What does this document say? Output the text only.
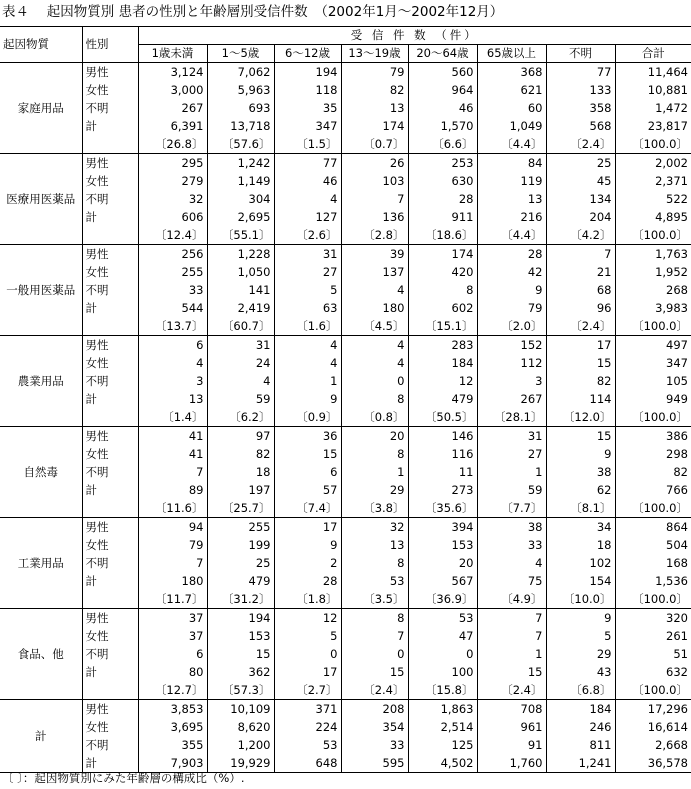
表４　 起因物質別 患者の性別と年齢層別受信件数　（2002年1月～2002年12月）
起因物質	性別	受 信 件 数 （件）							
		1歳未満	1～5歳	6～12歳	13～19歳	20～64歳	65歳以上	不明	合計
家庭用品	男性	3,124	7,062	194	79	560	368	77	11,464
	女性	3,000	5,963	118	82	964	621	133	10,881
	不明	267	693	35	13	46	60	358	1,472
	計	6,391	13,718	347	174	1,570	1,049	568	23,817
		〔26.8〕	〔57.6〕	〔1.5〕	〔0.7〕	〔6.6〕	〔4.4〕	〔2.4〕	〔100.0〕
医療用医薬品	男性	295	1,242	77	26	253	84	25	2,002
	女性	279	1,149	46	103	630	119	45	2,371
	不明	32	304	4	7	28	13	134	522
	計	606	2,695	127	136	911	216	204	4,895
		〔12.4〕	〔55.1〕	〔2.6〕	〔2.8〕	〔18.6〕	〔4.4〕	〔4.2〕	〔100.0〕
一般用医薬品	男性	256	1,228	31	39	174	28	7	1,763
	女性	255	1,050	27	137	420	42	21	1,952
	不明	33	141	5	4	8	9	68	268
	計	544	2,419	63	180	602	79	96	3,983
		〔13.7〕	〔60.7〕	〔1.6〕	〔4.5〕	〔15.1〕	〔2.0〕	〔2.4〕	〔100.0〕
農業用品	男性	6	31	4	4	283	152	17	497
	女性	4	24	4	4	184	112	15	347
	不明	3	4	1	0	12	3	82	105
	計	13	59	9	8	479	267	114	949
		〔1.4〕	〔6.2〕	〔0.9〕	〔0.8〕	〔50.5〕	〔28.1〕	〔12.0〕	〔100.0〕
自然毒	男性	41	97	36	20	146	31	15	386
	女性	41	82	15	8	116	27	9	298
	不明	7	18	6	1	11	1	38	82
	計	89	197	57	29	273	59	62	766
		〔11.6〕	〔25.7〕	〔7.4〕	〔3.8〕	〔35.6〕	〔7.7〕	〔8.1〕	〔100.0〕
工業用品	男性	94	255	17	32	394	38	34	864
	女性	79	199	9	13	153	33	18	504
	不明	7	25	2	8	20	4	102	168
	計	180	479	28	53	567	75	154	1,536
		〔11.7〕	〔31.2〕	〔1.8〕	〔3.5〕	〔36.9〕	〔4.9〕	〔10.0〕	〔100.0〕
食品、他	男性	37	194	12	8	53	7	9	320
	女性	37	153	5	7	47	7	5	261
	不明	6	15	0	0	0	1	29	51
	計	80	362	17	15	100	15	43	632
		〔12.7〕	〔57.3〕	〔2.7〕	〔2.4〕	〔15.8〕	〔2.4〕	〔6.8〕	〔100.0〕
計	男性	3,853	10,109	371	208	1,863	708	184	17,296
	女性	3,695	8,620	224	354	2,514	961	246	16,614
	不明	355	1,200	53	33	125	91	811	2,668
	計	7,903	19,929	648	595	4,502	1,760	1,241	36,578
〔 〕：起因物質別にみた年齢層の構成比（%）.
